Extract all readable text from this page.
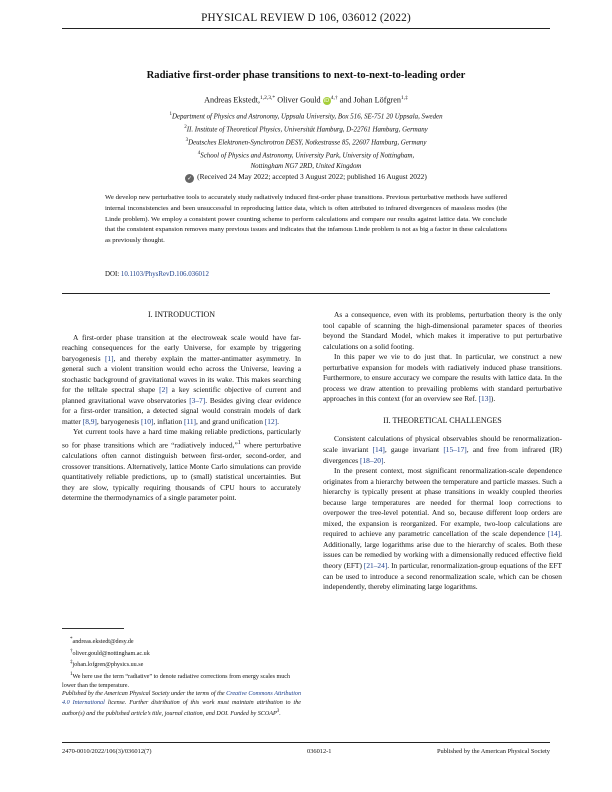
PHYSICAL REVIEW D 106, 036012 (2022)
Radiative first-order phase transitions to next-to-next-to-leading order
Andreas Ekstedt,$^{1,2,3,*}$ Oliver Gould $iD^{4,\dagger}$ and Johan Löfgren$^{1,\ddagger}$
$^1$Department of Physics and Astronomy, Uppsala University, Box 516, SE-751 20 Uppsala, Sweden
$^2$II. Institute of Theoretical Physics, Universität Hamburg, D-22761 Hamburg, Germany
$^3$Deutsches Elektronen-Synchrotron DESY, Notkestrasse 85, 22607 Hamburg, Germany
$^4$School of Physics and Astronomy, University Park, University of Nottingham,
Nottingham NG7 2RD, United Kingdom
✓ (Received 24 May 2022; accepted 3 August 2022; published 16 August 2022)
We develop new perturbative tools to accurately study radiatively induced first-order phase transitions. Previous perturbative methods have suffered internal inconsistencies and been unsuccessful in reproducing lattice data, which is often attributed to infrared divergences of massless modes (the Linde problem). We employ a consistent power counting scheme to perform calculations and compare our results against lattice data. We conclude that the consistent expansion removes many previous issues and indicates that the infamous Linde problem is not as big a factor in these calculations as previously thought.
DOI: 10.1103/PhysRevD.106.036012
I. INTRODUCTION

A first-order phase transition at the electroweak scale would have far-reaching consequences for the early Universe, for example by triggering baryogenesis [1], and thereby explain the matter-antimatter asymmetry. In general such a violent transition would echo across the Universe, leaving a stochastic background of gravitational waves in its wake. This makes searching for the telltale spectral shape [2] a key scientific objective of current and planned gravitational wave observatories [3–7]. Besides giving clear evidence for a first-order transition, a detected signal would constrain models of dark matter [8,9], baryogenesis [10], inflation [11], and grand unification [12].

Yet current tools have a hard time making reliable predictions, particularly so for phase transitions which are “radiatively induced,”$^1$ where perturbative calculations often cannot distinguish between first-order, second-order, and crossover transitions. Alternatively, lattice Monte Carlo simulations can provide quantitatively reliable predictions, up to (small) statistical uncertainties. But they are slow, typically requiring thousands of CPU hours to accurately determine the thermodynamics of a single parameter point.

As a consequence, even with its problems, perturbation theory is the only tool capable of scanning the high-dimensional parameter spaces of theories beyond the Standard Model, which makes it imperative to put perturbative calculations on a solid footing.

In this paper we vie to do just that. In particular, we construct a new perturbative expansion for models with radiatively induced phase transitions. Furthermore, to ensure accuracy we compare the results with lattice data. In the process we draw attention to prevailing problems with standard perturbative approaches in this context (for an overview see Ref. [13]).

II. THEORETICAL CHALLENGES

Consistent calculations of physical observables should be renormalization-scale invariant [14], gauge invariant [15–17], and free from infrared (IR) divergences [18–20].

In the present context, most significant renormalization-scale dependence originates from a hierarchy between the temperature and particle masses. Such a hierarchy is typically present at phase transitions in weakly coupled theories because large temperatures are needed for thermal loop corrections to overpower the tree-level potential. And so, because different loop orders are mixed, the expansion is reorganized. For example, two-loop calculations are required to achieve any parametric cancellation of the scale dependence [14]. Additionally, large logarithms arise due to the hierarchy of scales. Both these issues can be remedied by working with a dimensionally reduced effective field theory (EFT) [21–24]. In particular, renormalization-group equations of the EFT can be used to introduce a second renormalization scale, which can be chosen independently, thereby eliminating large logarithms.

*andreas.ekstedt@desy.de
†oliver.gould@nottingham.ac.uk
‡johan.lofgren@physics.uu.se
$^1$We here use the term “radiative” to denote radiative corrections from energy scales much lower than the temperature.
Published by the American Physical Society under the terms of the Creative Commons Attribution 4.0 International license. Further distribution of this work must maintain attribution to the author(s) and the published article’s title, journal citation, and DOI. Funded by SCOAP$^3$.
2470-0010/2022/106(3)/036012(7)	036012-1	Published by the American Physical Society
